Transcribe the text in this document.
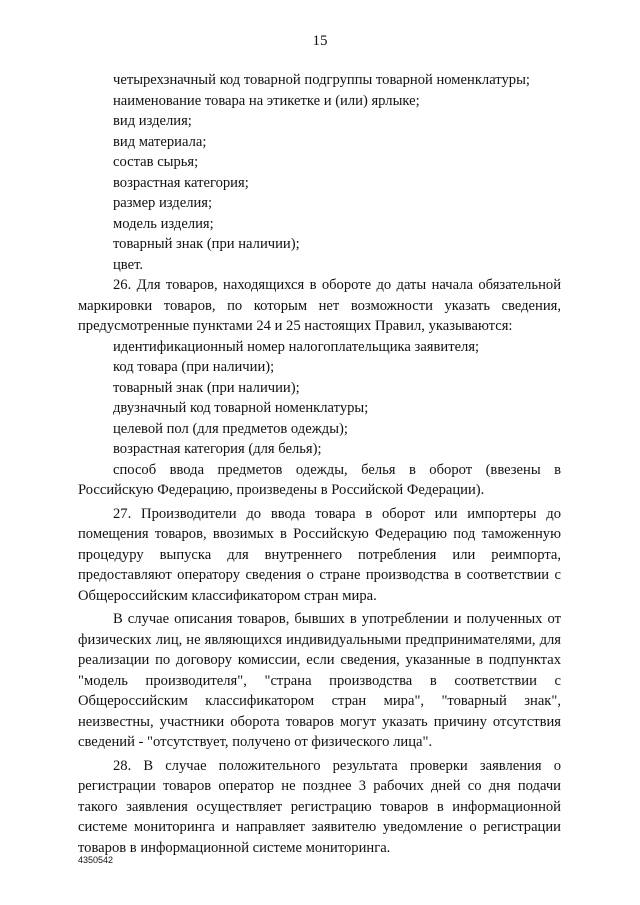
15

четырехзначный код товарной подгруппы товарной номенклатуры;

наименование товара на этикетке и (или) ярлыке;

вид изделия;

вид материала;

состав сырья;

возрастная категория;

размер изделия;

модель изделия;

товарный знак (при наличии);

цвет.

26. Для товаров, находящихся в обороте до даты начала обязательной маркировки товаров, по которым нет возможности указать сведения, предусмотренные пунктами 24 и 25 настоящих Правил, указываются:

идентификационный номер налогоплательщика заявителя;

код товара (при наличии);

товарный знак (при наличии);

двузначный код товарной номенклатуры;

целевой пол (для предметов одежды);

возрастная категория (для белья);

способ ввода предметов одежды, белья в оборот (ввезены в Российскую Федерацию, произведены в Российской Федерации).

27. Производители до ввода товара в оборот или импортеры до помещения товаров, ввозимых в Российскую Федерацию под таможенную процедуру выпуска для внутреннего потребления или реимпорта, предоставляют оператору сведения о стране производства в соответствии с Общероссийским классификатором стран мира.

В случае описания товаров, бывших в употреблении и полученных от физических лиц, не являющихся индивидуальными предпринимателями, для реализации по договору комиссии, если сведения, указанные в подпунктах "модель производителя", "страна производства в соответствии с Общероссийским классификатором стран мира", "товарный знак", неизвестны, участники оборота товаров могут указать причину отсутствия сведений - "отсутствует, получено от физического лица".

28. В случае положительного результата проверки заявления о регистрации товаров оператор не позднее 3 рабочих дней со дня подачи такого заявления осуществляет регистрацию товаров в информационной системе мониторинга и направляет заявителю уведомление о регистрации товаров в информационной системе мониторинга.

4350542
